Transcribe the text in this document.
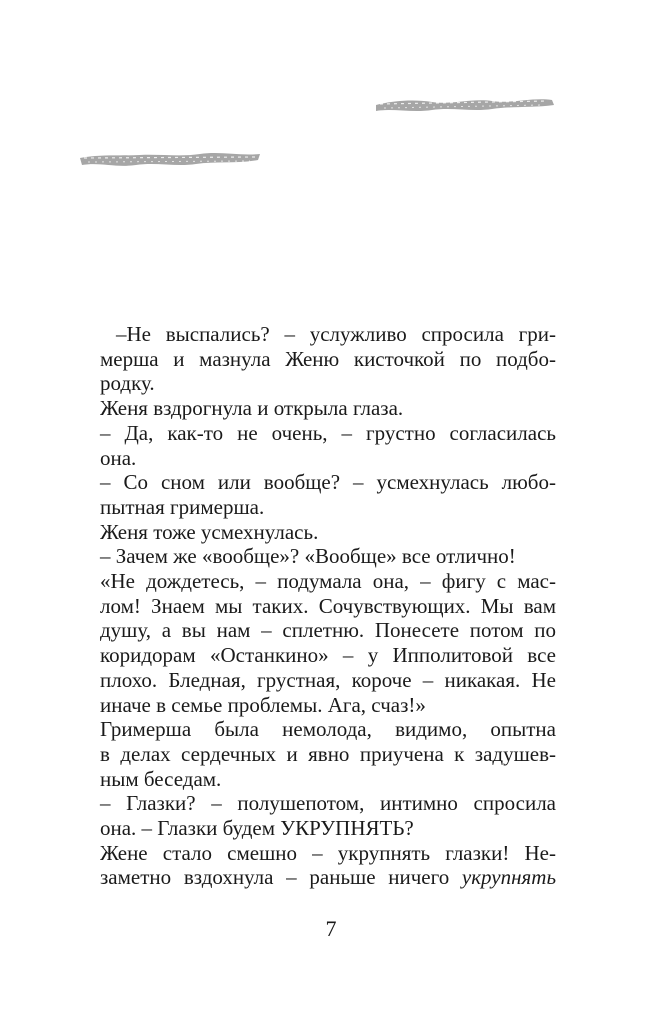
–Не выспались? – услужливо спросила гри-
мерша и мазнула Женю кисточкой по подбо-
родку.

Женя вздрогнула и открыла глаза.

– Да, как-то не очень, – грустно согласилась
она.

– Со сном или вообще? – усмехнулась любо-
пытная гримерша.

Женя тоже усмехнулась.

– Зачем же «вообще»? «Вообще» все отлично!

«Не дождетесь, – подумала она, – фигу с мас-
лом! Знаем мы таких. Сочувствующих. Мы вам
душу, а вы нам – сплетню. Понесете потом по
коридорам «Останкино» – у Ипполитовой все
плохо. Бледная, грустная, короче – никакая. Не
иначе в семье проблемы. Ага, счаз!»

Гримерша была немолода, видимо, опытна
в делах сердечных и явно приучена к задушев-
ным беседам.

– Глазки? – полушепотом, интимно спросила
она. – Глазки будем УКРУПНЯТЬ?

Жене стало смешно – укрупнять глазки! Не-
заметно вздохнула – раньше ничего укрупнять

7
